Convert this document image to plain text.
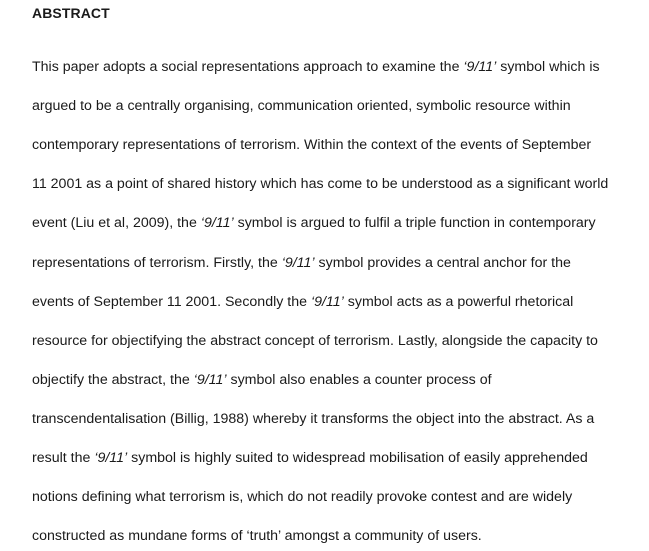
ABSTRACT
This paper adopts a social representations approach to examine the ‘9/11’ symbol which is
argued to be a centrally organising, communication oriented, symbolic resource within
contemporary representations of terrorism. Within the context of the events of September
11 2001 as a point of shared history which has come to be understood as a significant world
event (Liu et al, 2009), the ‘9/11’ symbol is argued to fulfil a triple function in contemporary
representations of terrorism. Firstly, the ‘9/11’ symbol provides a central anchor for the
events of September 11 2001. Secondly the ‘9/11’ symbol acts as a powerful rhetorical
resource for objectifying the abstract concept of terrorism. Lastly, alongside the capacity to
objectify the abstract, the ‘9/11’ symbol also enables a counter process of
transcendentalisation (Billig, 1988) whereby it transforms the object into the abstract. As a
result the ‘9/11’ symbol is highly suited to widespread mobilisation of easily apprehended
notions defining what terrorism is, which do not readily provoke contest and are widely
constructed as mundane forms of ‘truth’ amongst a community of users.
